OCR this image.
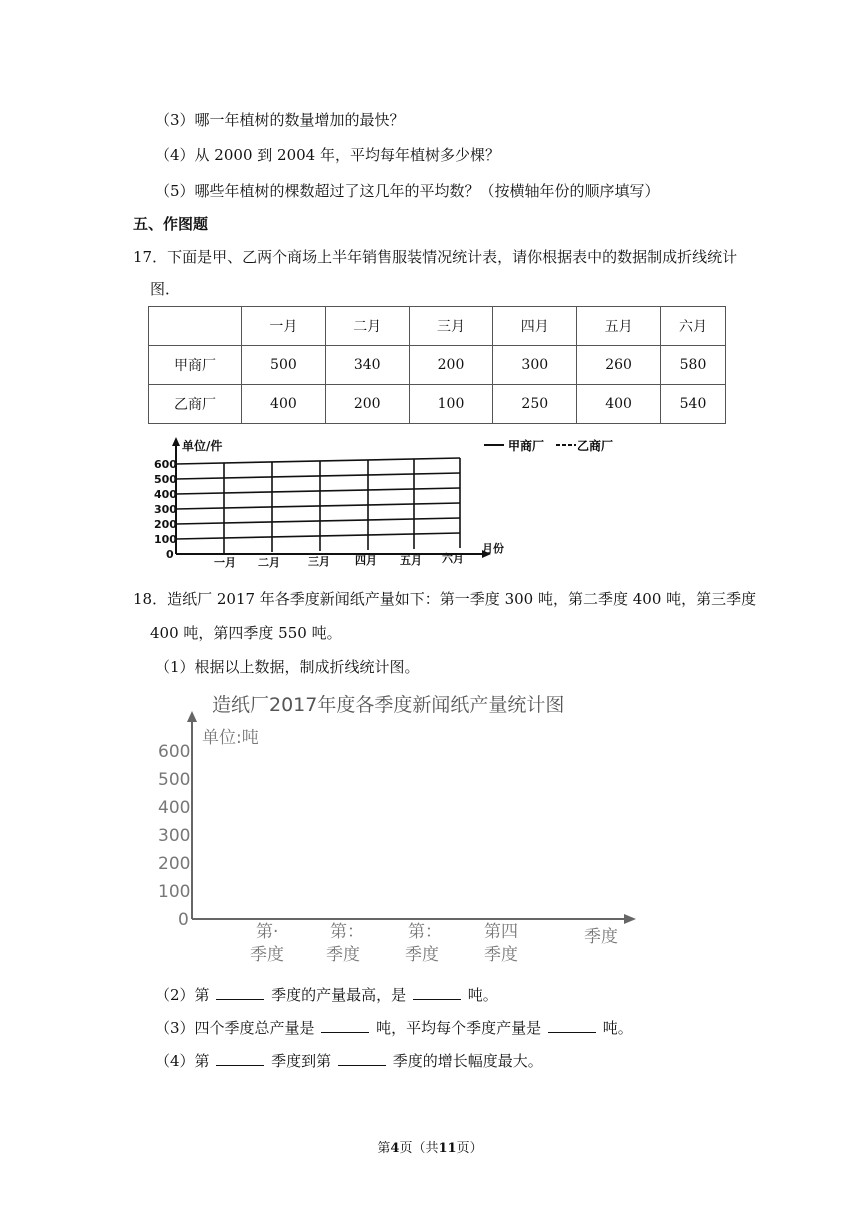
（3）哪一年植树的数量增加的最快？
（4）从 2000 到 2004 年，平均每年植树多少棵？
（5）哪些年植树的棵数超过了这几年的平均数？（按横轴年份的顺序填写）
五、作图题
17．下面是甲、乙两个商场上半年销售服装情况统计表，请你根据表中的数据制成折线统计
图．
	一月	二月	三月	四月	五月	六月
甲商厂	500	340	200	300	260	580
乙商厂	400	200	100	250	400	540
600
500
400
300
200
100
0
单位/件
一月 二月	三月 四月 五月 六月
月份
甲商厂	乙商厂
18．造纸厂 2017 年各季度新闻纸产量如下：第一季度 300 吨，第二季度 400 吨，第三季度
400 吨，第四季度 550 吨。
（1）根据以上数据，制成折线统计图。
造纸厂2017年度各季度新闻纸产量统计图
单位:吨
600
500
400
300
200
100
0
第·
季度
第：
季度
第：
季度
第四
季度
季度
（2）第	季度的产量最高，是	吨。
（3）四个季度总产量是	吨，平均每个季度产量是	吨。
（4）第	季度到第	季度的增长幅度最大。
第4页（共11页）
